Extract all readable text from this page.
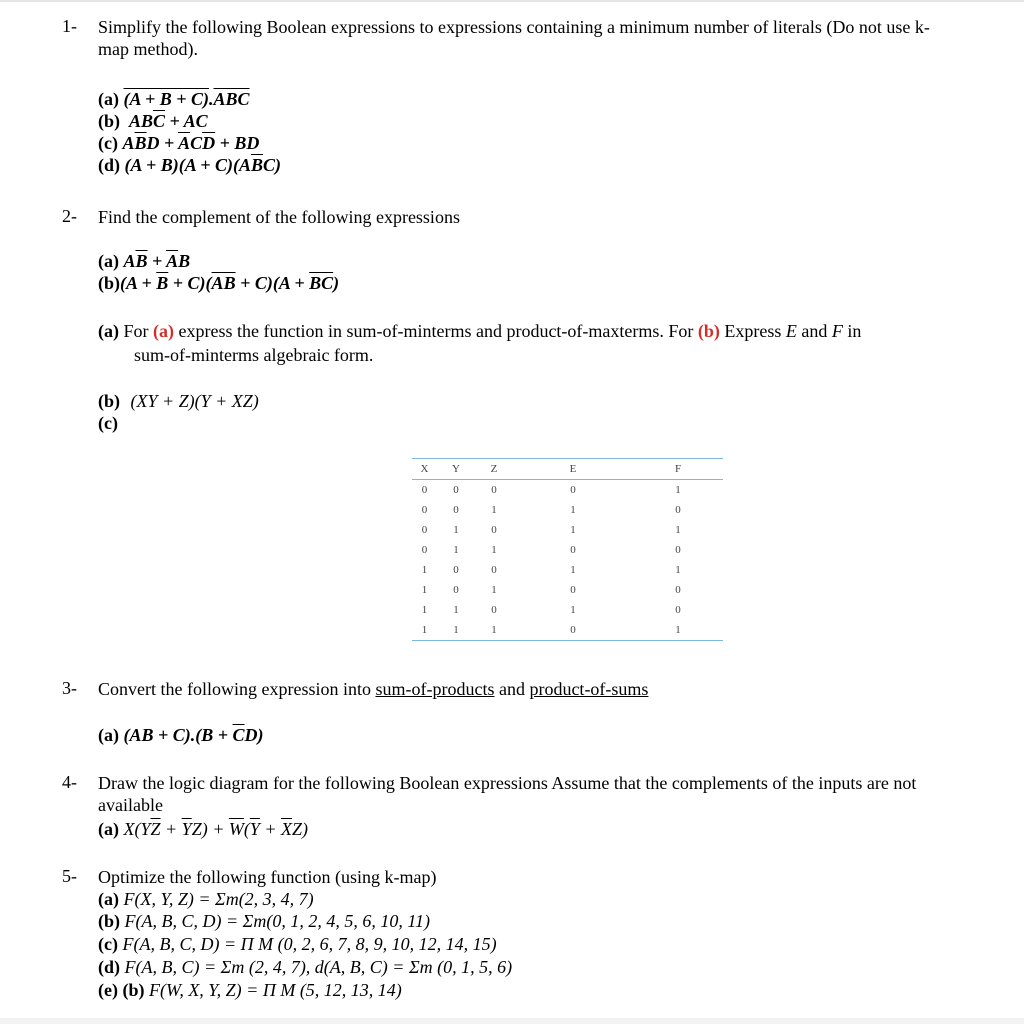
1- Simplify the following Boolean expressions to expressions containing a minimum number of literals (Do not use k-map method).
(a) $(A + B + C).\overline{ABC}$
(b)  $AB\overline{C}$ + AC
(c) $A\overline{B}D + \overline{A}C\overline{D}$ + BD
(d) $(A + B)(A + C)(A\overline{B}C)$
2- Find the complement of the following expressions
(a) $A\overline{B} + \overline{A}B$
$(b)(A + \overline{B} + C)(\overline{A}\overline{B} + C)(A + \overline{BC})$
(a) For (a) express the function in sum-of-minterms and product-of-maxterms. For (b) Express E and F in
sum-of-minterms algebraic form.
(b) (XY + Z)(Y + XZ)
(c)
X	Y	Z	E	F
0	0	0	0	1
0	0	1	1	0
0	1	0	1	1
0	1	1	0	0
1	0	0	1	1
1	0	1	0	0
1	1	0	1	0
1	1	1	0	1
3- Convert the following expression into sum-of-products and product-of-sums
(a) $(AB + C).(B + \overline{C}D)$
4- Draw the logic diagram for the following Boolean expressions Assume that the complements of the inputs are not available
(a) $X(Y\overline{Z} + \overline{Y}Z) + \overline{W}(\overline{Y} + \overline{X}Z)$
5- Optimize the following function (using k-map)
(a) F(X, Y, Z) = Σm(2, 3, 4, 7)
(b) F(A, B, C, D) = Σm(0, 1, 2, 4, 5, 6, 10, 11)
(c) F(A, B, C, D) = Π M (0, 2, 6, 7, 8, 9, 10, 12, 14, 15)
(d) F(A, B, C) = Σm (2, 4, 7), d(A, B, C) = Σm (0, 1, 5, 6)
(e) (b) F(W, X, Y, Z) = Π M (5, 12, 13, 14)
